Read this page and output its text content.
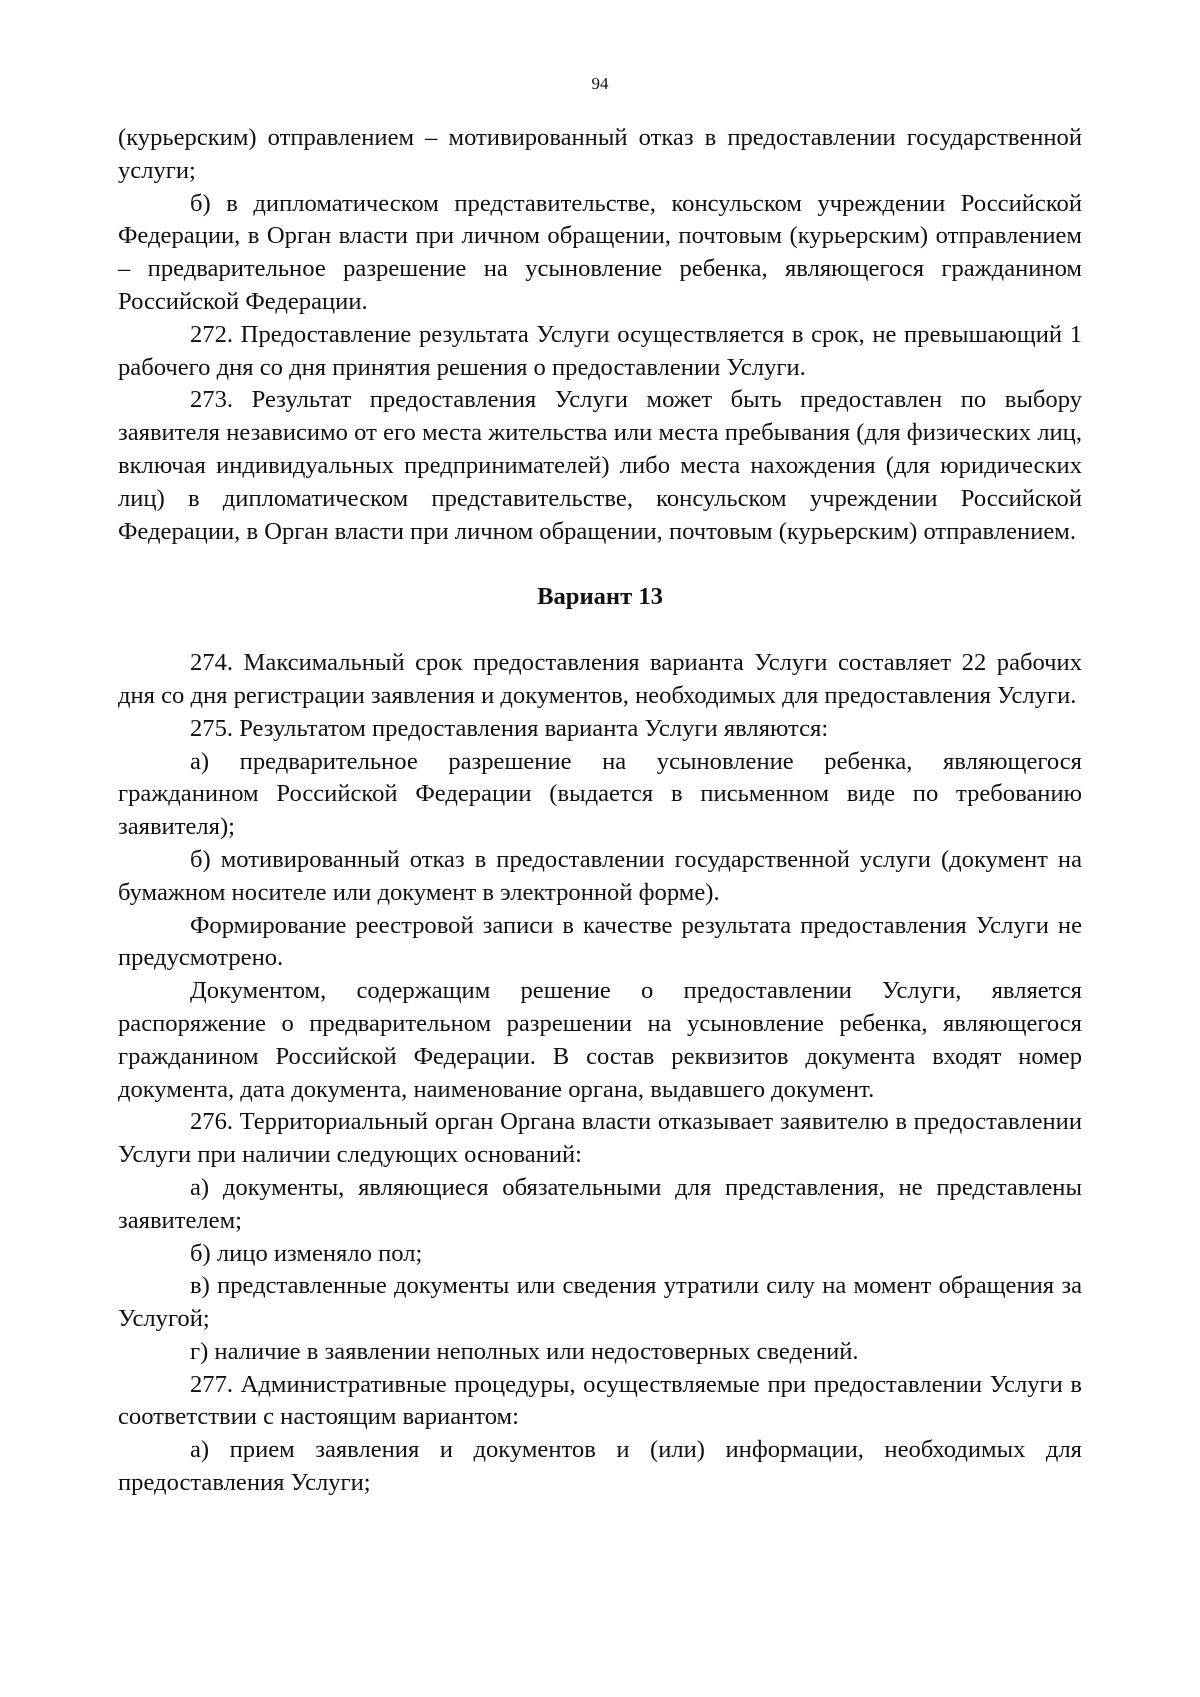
94

(курьерским) отправлением – мотивированный отказ в предоставлении государственной услуги;

б) в дипломатическом представительстве, консульском учреждении Российской Федерации, в Орган власти при личном обращении, почтовым (курьерским) отправлением – предварительное разрешение на усыновление ребенка, являющегося гражданином Российской Федерации.

272. Предоставление результата Услуги осуществляется в срок, не превышающий 1 рабочего дня со дня принятия решения о предоставлении Услуги.

273. Результат предоставления Услуги может быть предоставлен по выбору заявителя независимо от его места жительства или места пребывания (для физических лиц, включая индивидуальных предпринимателей) либо места нахождения (для юридических лиц) в дипломатическом представительстве, консульском учреждении Российской Федерации, в Орган власти при личном обращении, почтовым (курьерским) отправлением.

Вариант 13

274. Максимальный срок предоставления варианта Услуги составляет 22 рабочих дня со дня регистрации заявления и документов, необходимых для предоставления Услуги.

275. Результатом предоставления варианта Услуги являются:

а) предварительное разрешение на усыновление ребенка, являющегося гражданином Российской Федерации (выдается в письменном виде по требованию заявителя);

б) мотивированный отказ в предоставлении государственной услуги (документ на бумажном носителе или документ в электронной форме).

Формирование реестровой записи в качестве результата предоставления Услуги не предусмотрено.

Документом, содержащим решение о предоставлении Услуги, является распоряжение о предварительном разрешении на усыновление ребенка, являющегося гражданином Российской Федерации. В состав реквизитов документа входят номер документа, дата документа, наименование органа, выдавшего документ.

276. Территориальный орган Органа власти отказывает заявителю в предоставлении Услуги при наличии следующих оснований:

а) документы, являющиеся обязательными для представления, не представлены заявителем;

б) лицо изменяло пол;

в) представленные документы или сведения утратили силу на момент обращения за Услугой;

г) наличие в заявлении неполных или недостоверных сведений.

277. Административные процедуры, осуществляемые при предоставлении Услуги в соответствии с настоящим вариантом:

а) прием заявления и документов и (или) информации, необходимых для предоставления Услуги;
